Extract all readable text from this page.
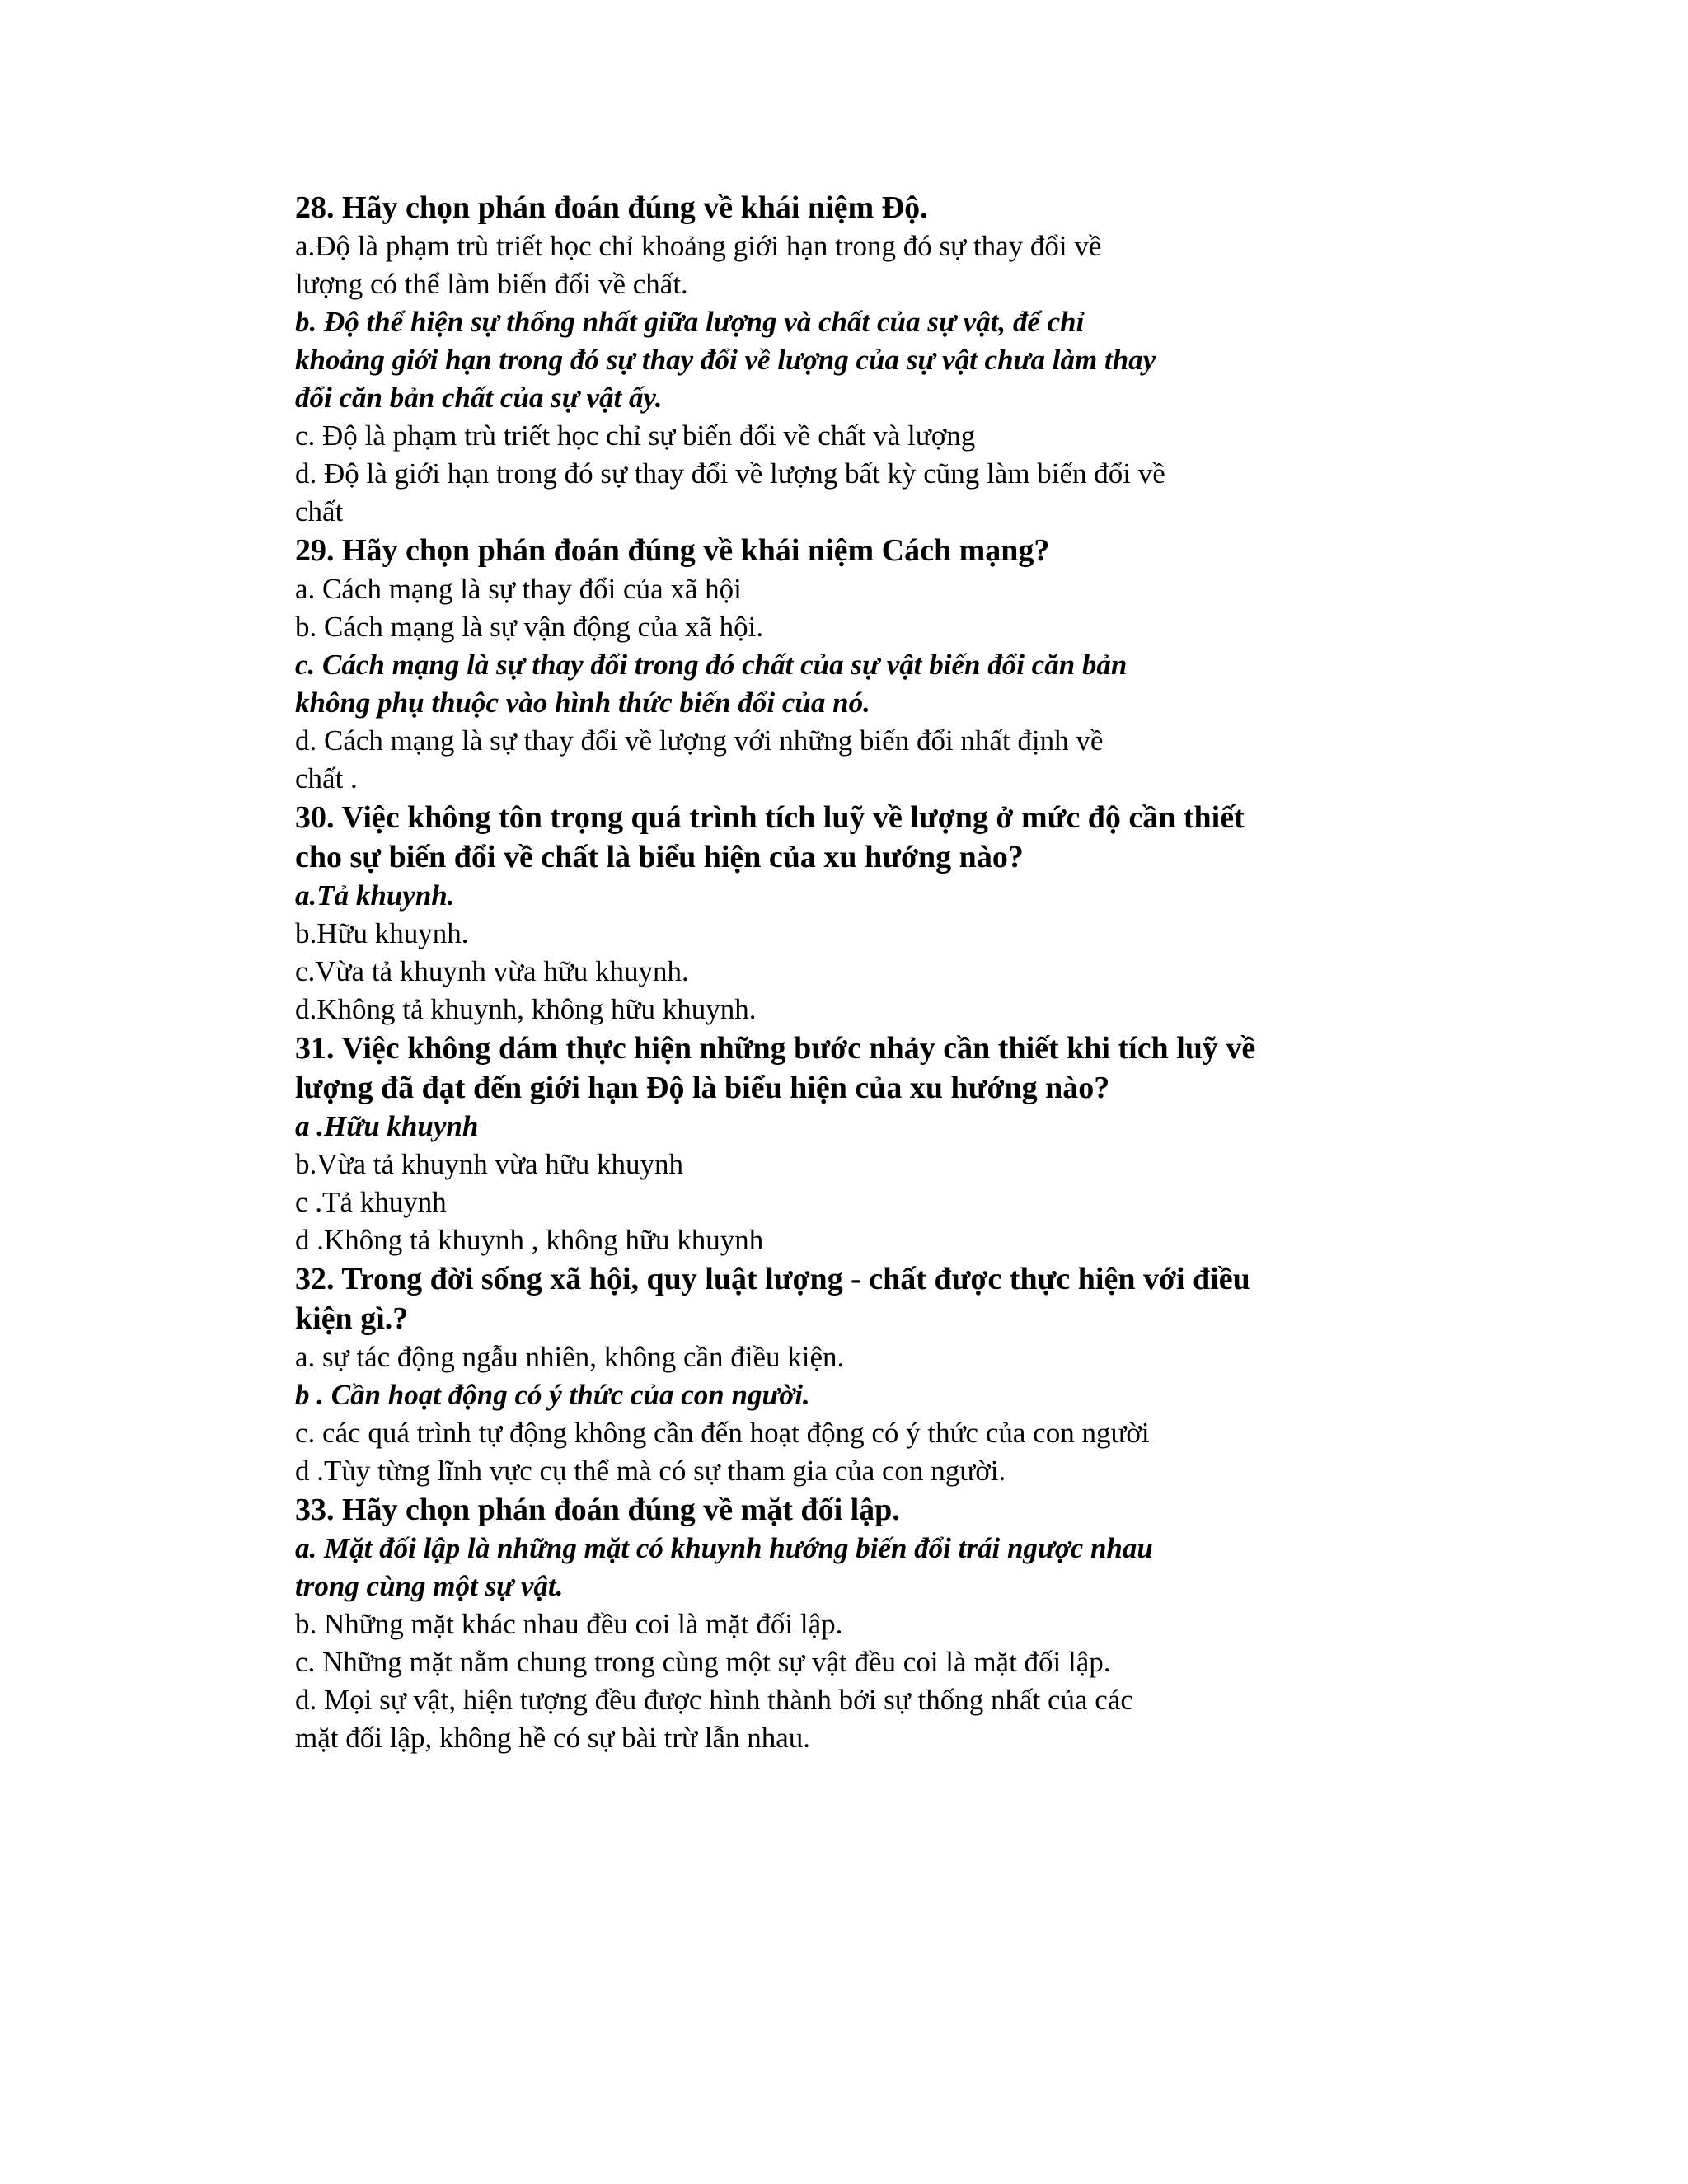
28. Hãy chọn phán đoán đúng về khái niệm Độ.
a.Độ là phạm trù triết học chỉ khoảng giới hạn trong đó sự thay đổi về
lượng có thể làm biến đổi về chất.
b. Độ thể hiện sự thống nhất giữa lượng và chất của sự vật, để chỉ
khoảng giới hạn trong đó sự thay đổi về lượng của sự vật chưa làm thay
đổi căn bản chất của sự vật ấy.
c. Độ là phạm trù triết học chỉ sự biến đổi về chất và lượng
d. Độ là giới hạn trong đó sự thay đổi về lượng bất kỳ cũng làm biến đổi về
chất
29. Hãy chọn phán đoán đúng về khái niệm Cách mạng?
a. Cách mạng là sự thay đổi của xã hội
b. Cách mạng là sự vận động của xã hội.
c. Cách mạng là sự thay đổi trong đó chất của sự vật biến đổi căn bản
không phụ thuộc vào hình thức biến đổi của nó.
d. Cách mạng là sự thay đổi về lượng với những biến đổi nhất định về
chất .
30. Việc không tôn trọng quá trình tích luỹ về lượng ở mức độ cần thiết
cho sự biến đổi về chất là biểu hiện của xu hướng nào?
a.Tả khuynh.
b.Hữu khuynh.
c.Vừa tả khuynh vừa hữu khuynh.
d.Không tả khuynh, không hữu khuynh.
31. Việc không dám thực hiện những bước nhảy cần thiết khi tích luỹ về
lượng đã đạt đến giới hạn Độ là biểu hiện của xu hướng nào?
a .Hữu khuynh
b.Vừa tả khuynh vừa hữu khuynh
c .Tả khuynh
d .Không tả khuynh , không hữu khuynh
32. Trong đời sống xã hội, quy luật lượng - chất được thực hiện với điều
kiện gì.?
a. sự tác động ngẫu nhiên, không cần điều kiện.
b . Cần hoạt động có ý thức của con người.
c. các quá trình tự động không cần đến hoạt động có ý thức của con người
d .Tùy từng lĩnh vực cụ thể mà có sự tham gia của con người.
33. Hãy chọn phán đoán đúng về mặt đối lập.
a. Mặt đối lập là những mặt có khuynh hướng biến đổi trái ngược nhau
trong cùng một sự vật.
b. Những mặt khác nhau đều coi là mặt đối lập.
c. Những mặt nằm chung trong cùng một sự vật đều coi là mặt đối lập.
d. Mọi sự vật, hiện tượng đều được hình thành bởi sự thống nhất của các
mặt đối lập, không hề có sự bài trừ lẫn nhau.
